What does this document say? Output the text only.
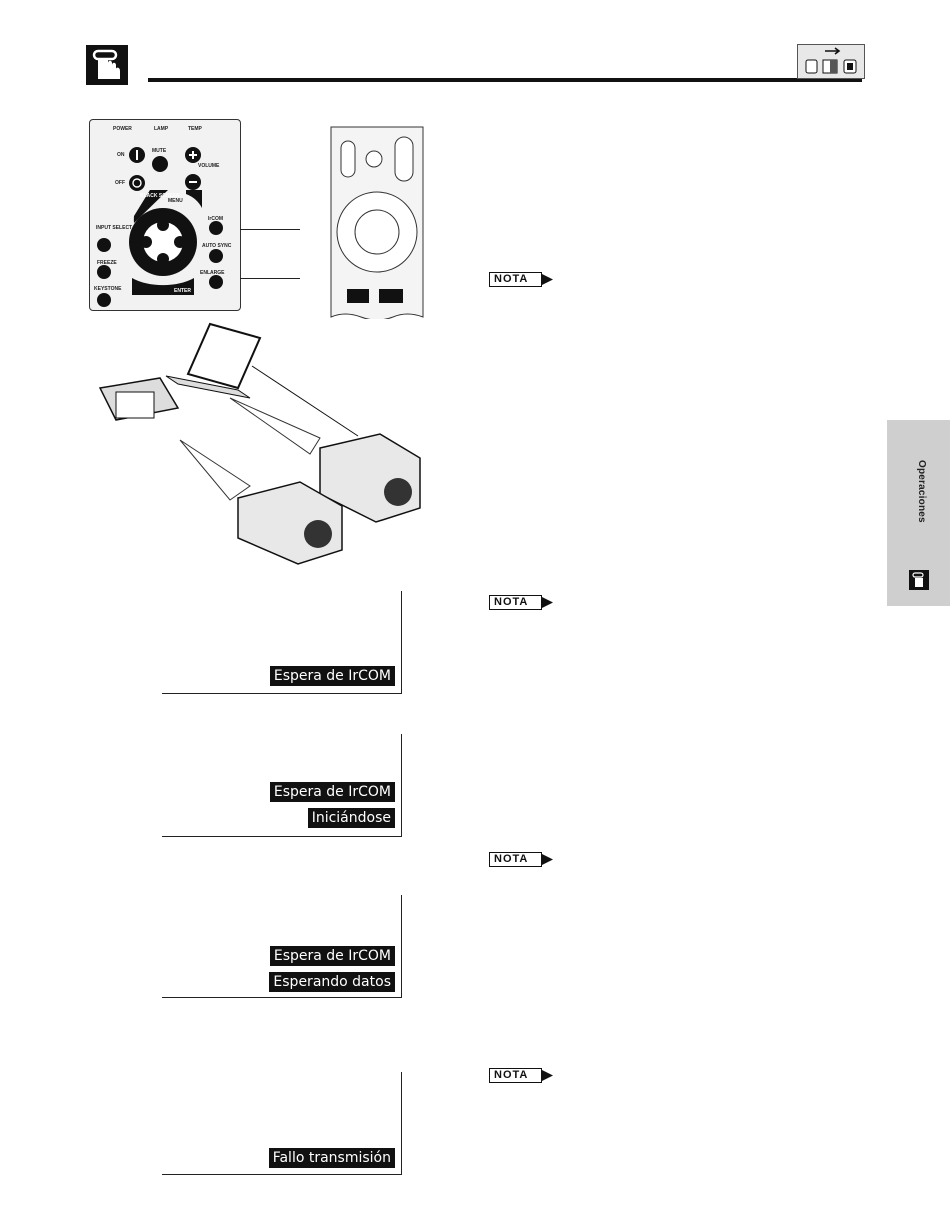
Operaciones
POWER	LAMP	TEMP
ON
OFF
MUTE
VOLUME
BLACK SCREEN
MENU
INPUT SELECT
IrCOM
FREEZE
AUTO SYNC
KEYSTONE
ENLARGE
ENTER
NOTA
NOTA
NOTA
NOTA
Espera de IrCOM
Espera de IrCOM
Iniciándose
Espera de IrCOM
Esperando datos
Fallo transmisión
